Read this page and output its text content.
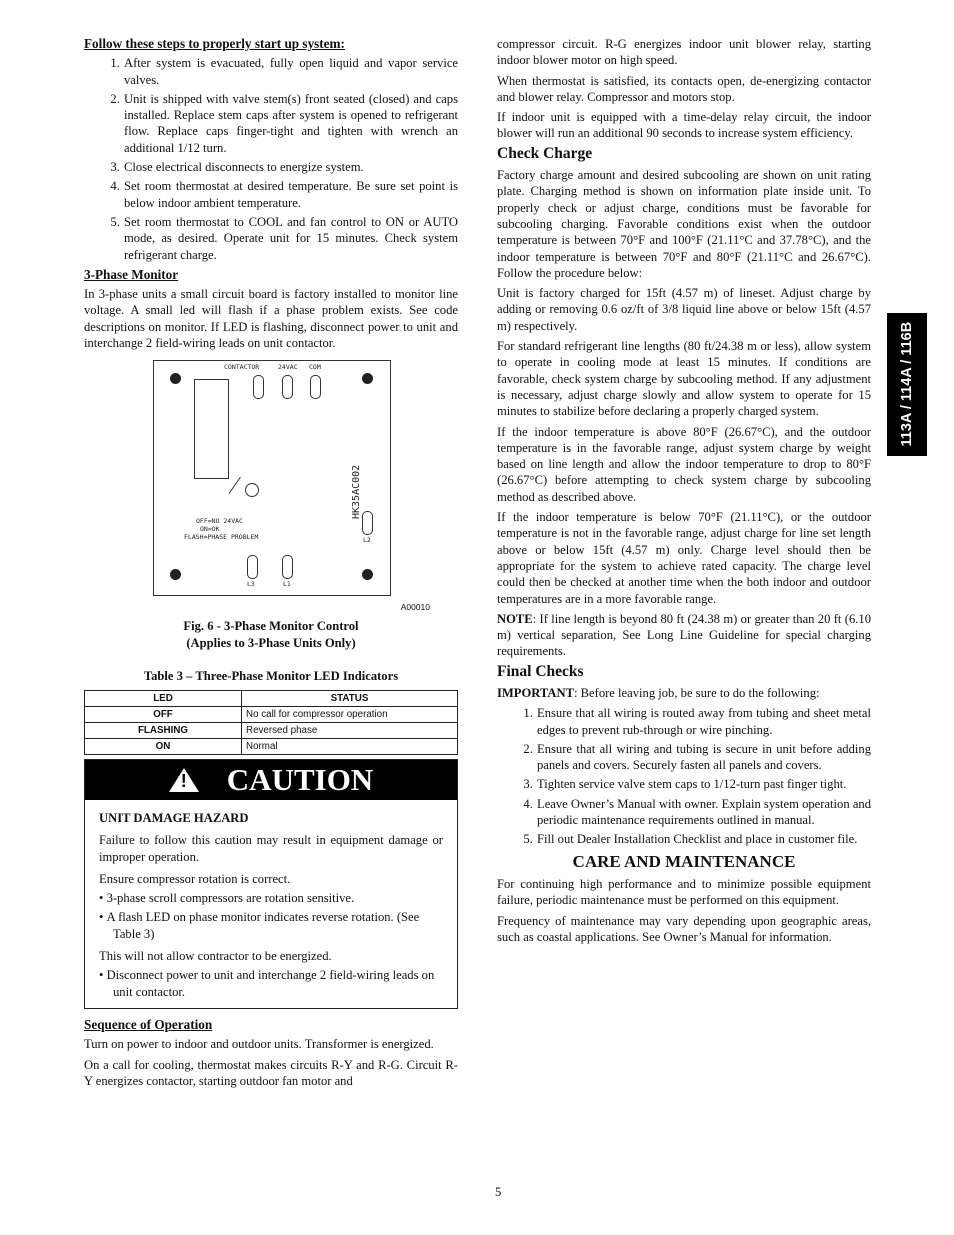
Follow these steps to properly start up system:
1. After system is evacuated, fully open liquid and vapor service valves.
2. Unit is shipped with valve stem(s) front seated (closed) and caps installed. Replace stem caps after system is opened to refrigerant flow. Replace caps finger-tight and tighten with wrench an additional 1/12 turn.
3. Close electrical disconnects to energize system.
4. Set room thermostat at desired temperature. Be sure set point is below indoor ambient temperature.
5. Set room thermostat to COOL and fan control to ON or AUTO mode, as desired. Operate unit for 15 minutes. Check system refrigerant charge.
3-Phase Monitor

In 3-phase units a small circuit board is factory installed to monitor line voltage. A small led will flash if a phase problem exists. See code descriptions on monitor. If LED is flashing, disconnect power to unit and interchange 2 field-wiring leads on unit contactor.

CONTACTOR	24VAC COM
HK35AC002
OFF=NO 24VAC
ON=OK
FLASH=PHASE PROBLEM	L2
L3	L1
A00010
Fig. 6 - 3-Phase Monitor Control
(Applies to 3-Phase Units Only)
Table 3 – Three-Phase Monitor LED Indicators
LED	STATUS
OFF	No call for compressor operation
FLASHING	Reversed phase
ON	Normal
! CAUTION

UNIT DAMAGE HAZARD

Failure to follow this caution may result in equipment damage or improper operation.

Ensure compressor rotation is correct.

• 3-phase scroll compressors are rotation sensitive.
• A flash LED on phase monitor indicates reverse rotation. (See Table 3)

This will not allow contractor to be energized.

• Disconnect power to unit and interchange 2 field-wiring leads on unit contactor.
Sequence of Operation

Turn on power to indoor and outdoor units. Transformer is energized.

On a call for cooling, thermostat makes circuits R-Y and R-G. Circuit R-Y energizes contactor, starting outdoor fan motor and

compressor circuit. R-G energizes indoor unit blower relay, starting indoor blower motor on high speed.

When thermostat is satisfied, its contacts open, de-energizing contactor and blower relay. Compressor and motors stop.

If indoor unit is equipped with a time-delay relay circuit, the indoor blower will run an additional 90 seconds to increase system efficiency.

Check Charge

Factory charge amount and desired subcooling are shown on unit rating plate. Charging method is shown on information plate inside unit. To properly check or adjust charge, conditions must be favorable for subcooling charging. Favorable conditions exist when the outdoor temperature is between 70°F and 100°F (21.11°C and 37.78°C), and the indoor temperature is between 70°F and 80°F (21.11°C and 26.67°C). Follow the procedure below:

Unit is factory charged for 15ft (4.57 m) of lineset. Adjust charge by adding or removing 0.6 oz/ft of 3/8 liquid line above or below 15ft (4.57 m) respectively.

For standard refrigerant line lengths (80 ft/24.38 m or less), allow system to operate in cooling mode at least 15 minutes. If conditions are favorable, check system charge by subcooling method. If any adjustment is necessary, adjust charge slowly and allow system to operate for 15 minutes to stabilize before declaring a properly charged system.

If the indoor temperature is above 80°F (26.67°C), and the outdoor temperature is in the favorable range, adjust system charge by weight based on line length and allow the indoor temperature to drop to 80°F (26.67°C) before attempting to check system charge by subcooling method as described above.

If the indoor temperature is below 70°F (21.11°C), or the outdoor temperature is not in the favorable range, adjust charge for line set length above or below 15ft (4.57 m) only. Charge level should then be appropriate for the system to achieve rated capacity. The charge level could then be checked at another time when the both indoor and outdoor temperatures are in a more favorable range.

NOTE: If line length is beyond 80 ft (24.38 m) or greater than 20 ft (6.10 m) vertical separation, See Long Line Guideline for special charging requirements.

Final Checks

IMPORTANT: Before leaving job, be sure to do the following:

1. Ensure that all wiring is routed away from tubing and sheet metal edges to prevent rub-through or wire pinching.
2. Ensure that all wiring and tubing is secure in unit before adding panels and covers. Securely fasten all panels and covers.
3. Tighten service valve stem caps to 1/12-turn past finger tight.
4. Leave Owner’s Manual with owner. Explain system operation and periodic maintenance requirements outlined in manual.
5. Fill out Dealer Installation Checklist and place in customer file.
CARE AND MAINTENANCE

For continuing high performance and to minimize possible equipment failure, periodic maintenance must be performed on this equipment.

Frequency of maintenance may vary depending upon geographic areas, such as coastal applications. See Owner’s Manual for information.

113A / 114A / 116B
5
